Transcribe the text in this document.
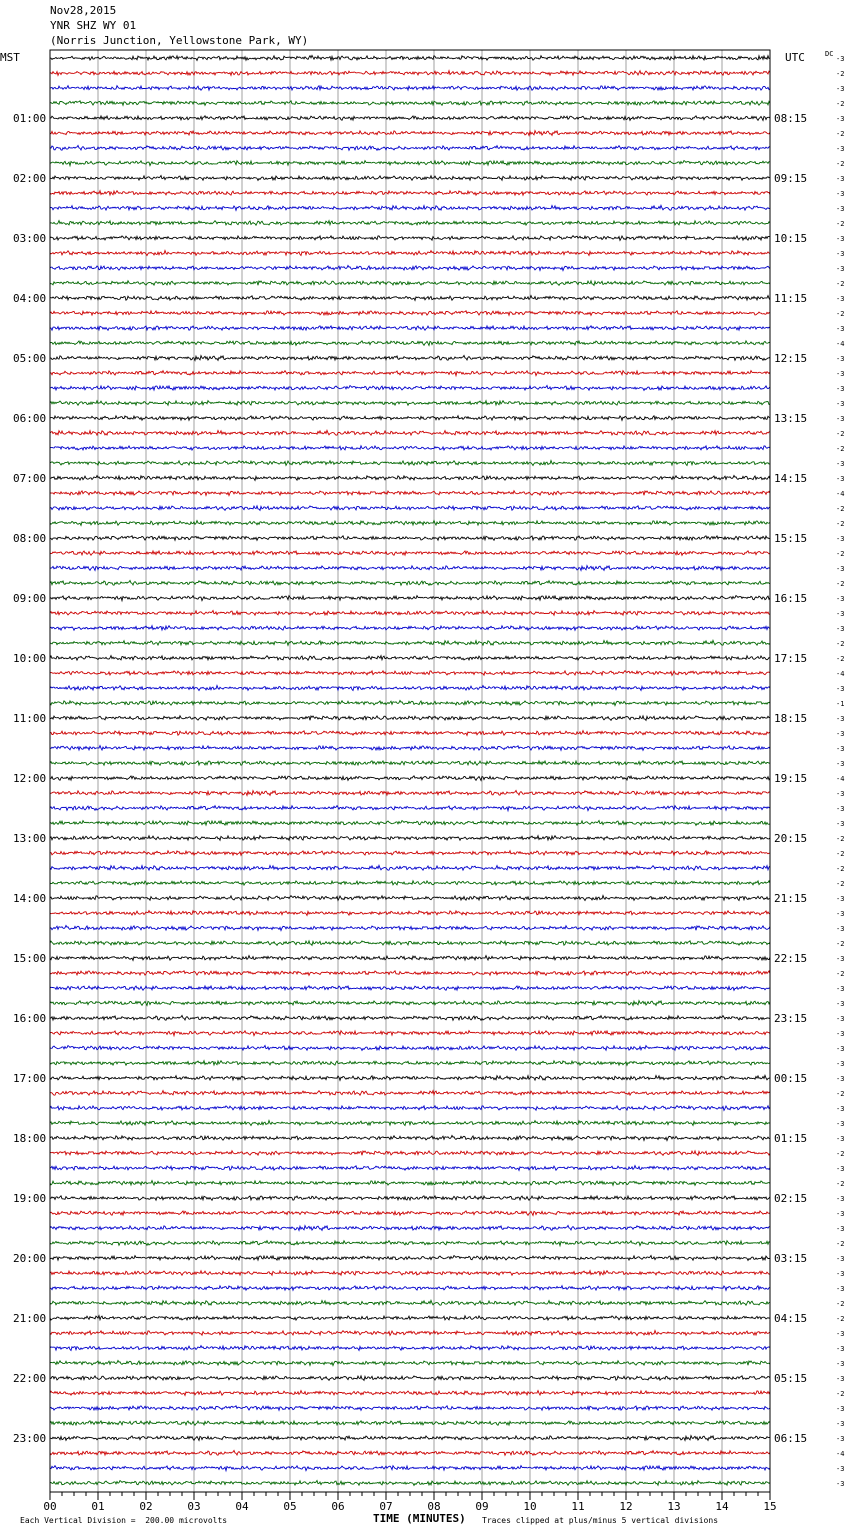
Nov28,2015
YNR SHZ WY 01
(Norris Junction, Yellowstone Park, WY)
MST	UTC	DC
-3
-2
-3
-2
-3
-2
-3
-2
-3
-3
-3
-2
-3
-3
-3
-2
-3
-2
-3
-4
-3
-3
-3
-3
-3
-2
-2
-3
-3
-4
-2
-2
-3
-2
-3
-2
-3
-3
-3
-2
-2
-4
-3
-1
-3
-3
-3
-3
-4
-3
-3
-3
-2
-2
-2
-2
-3
-3
-3
-2
-3
-2
-3
-3
-3
-3
-3
-3
-3
-2
-3
-3
-3
-2
-3
-2
-3
-3
-3
-2
-3
-3
-3
-2
-2
-3
-3
-3
-3
-2
-3
-3
-3
-4
-3
-3
01:00	08:15
02:00	09:15
03:00	10:15
04:00	11:15
05:00	12:15
06:00	13:15
07:00	14:15
08:00	15:15
09:00	16:15
10:00	17:15
11:00	18:15
12:00	19:15
13:00	20:15
14:00	21:15
15:00	22:15
16:00	23:15
17:00	00:15
18:00	01:15
19:00	02:15
20:00	03:15
21:00	04:15
22:00	05:15
23:00	06:15
00	01	02	03	04	05	06	07	08	09	10	11	12	13	14	15
Each Vertical Division =  200.00 microvolts	TIME (MINUTES) Traces clipped at plus/minus 5 vertical divisions
